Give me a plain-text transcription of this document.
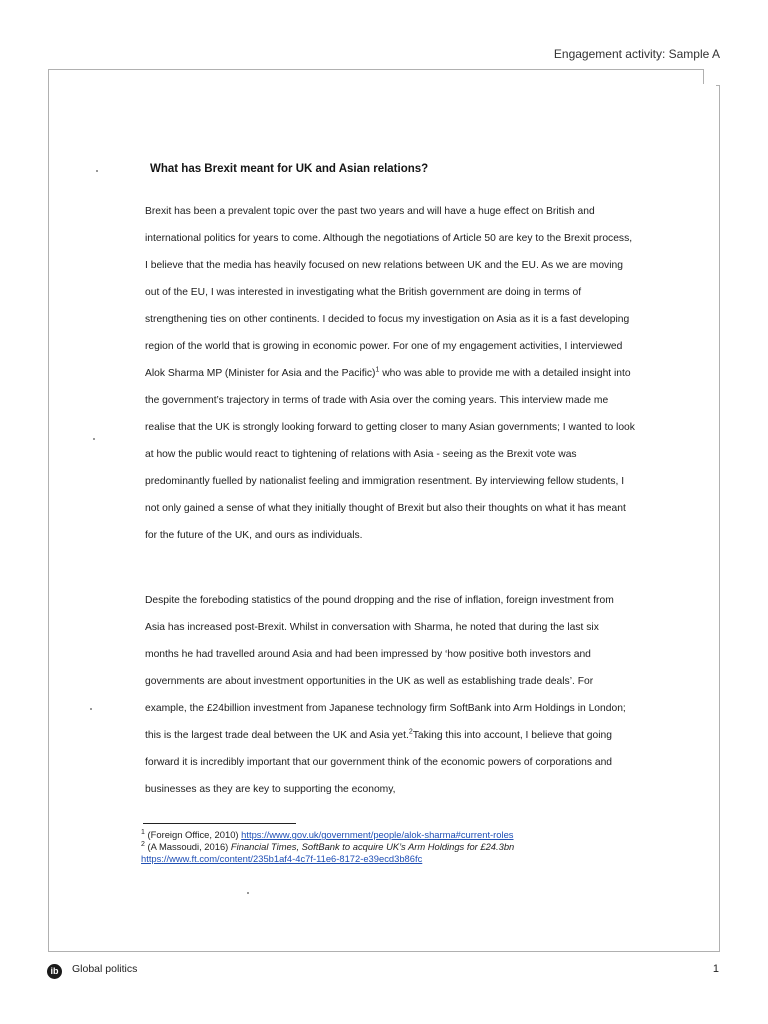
Engagement activity: Sample A
What has Brexit meant for UK and Asian relations?

Brexit has been a prevalent topic over the past two years and will have a huge effect on British and international politics for years to come. Although the negotiations of Article 50 are key to the Brexit process, I believe that the media has heavily focused on new relations between UK and the EU. As we are moving out of the EU, I was interested in investigating what the British government are doing in terms of strengthening ties on other continents. I decided to focus my investigation on Asia as it is a fast developing region of the world that is growing in economic power. For one of my engagement activities, I interviewed Alok Sharma MP (Minister for Asia and the Pacific)$^1$ who was able to provide me with a detailed insight into the government’s trajectory in terms of trade with Asia over the coming years. This interview made me realise that the UK is strongly looking forward to getting closer to many Asian governments; I wanted to look at how the public would react to tightening of relations with Asia - seeing as the Brexit vote was predominantly fuelled by nationalist feeling and immigration resentment. By interviewing fellow students, I not only gained a sense of what they initially thought of Brexit but also their thoughts on what it has meant for the future of the UK, and ours as individuals.

Despite the foreboding statistics of the pound dropping and the rise of inflation, foreign investment from Asia has increased post-Brexit. Whilst in conversation with Sharma, he noted that during the last six months he had travelled around Asia and had been impressed by ‘how positive both investors and governments are about investment opportunities in the UK as well as establishing trade deals’. For example, the £24billion investment from Japanese technology firm SoftBank into Arm Holdings in London; this is the largest trade deal between the UK and Asia yet.$^2$Taking this into account, I believe that going forward it is incredibly important that our government think of the economic powers of corporations and businesses as they are key to supporting the economy,

$^1$ (Foreign Office, 2010) https://www.gov.uk/government/people/alok-sharma#current-roles
$^2$ (A Massoudi, 2016) Financial Times, SoftBank to acquire UK’s Arm Holdings for £24.3bn
https://www.ft.com/content/235b1af4-4c7f-11e6-8172-e39ecd3b86fc
ib	Global politics	1
